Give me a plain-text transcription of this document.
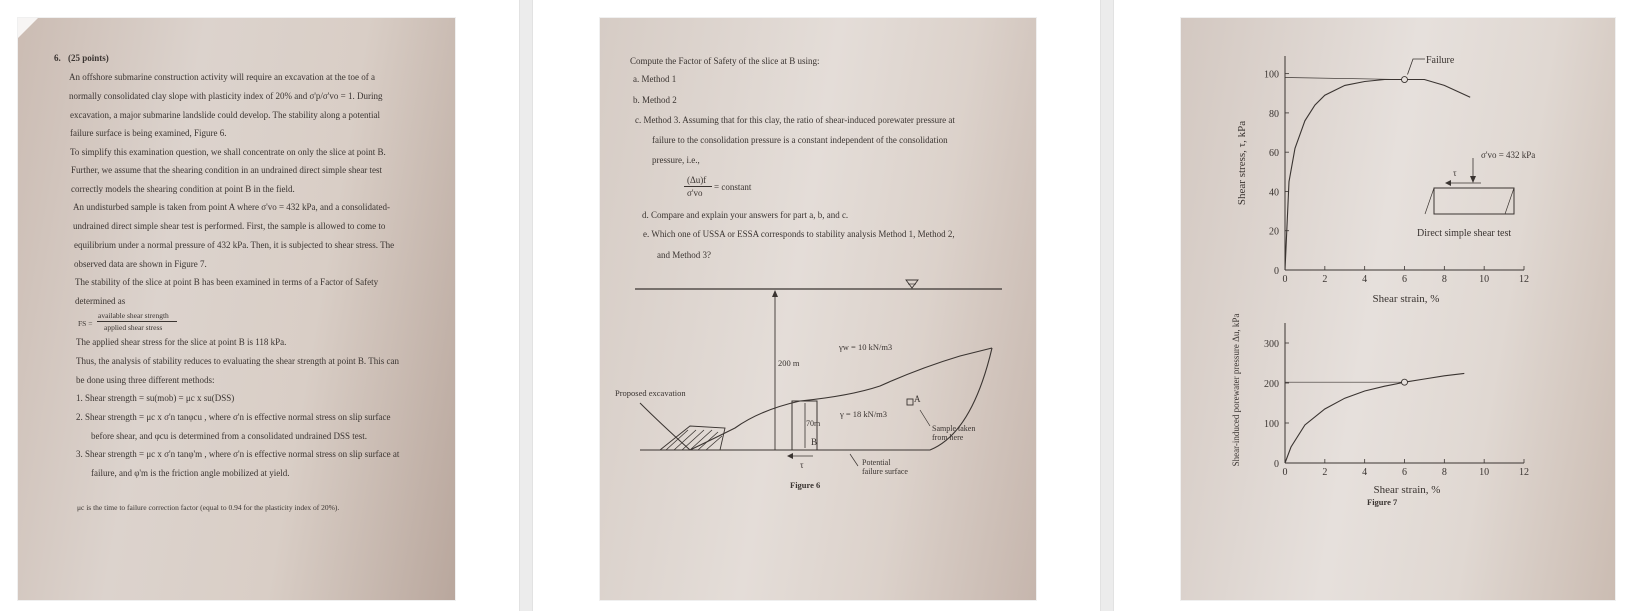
6. (25 points)
An offshore submarine construction activity will require an excavation at the toe of a
normally consolidated clay slope with plasticity index of 20% and σ'p/σ'vo = 1. During
excavation, a major submarine landslide could develop. The stability along a potential
failure surface is being examined, Figure 6.
To simplify this examination question, we shall concentrate on only the slice at point B.
Further, we assume that the shearing condition in an undrained direct simple shear test
correctly models the shearing condition at point B in the field.
An undisturbed sample is taken from point A where σ'vo = 432 kPa, and a consolidated-
undrained direct simple shear test is performed. First, the sample is allowed to come to
equilibrium under a normal pressure of 432 kPa. Then, it is subjected to shear stress. The
observed data are shown in Figure 7.
The stability of the slice at point B has been examined in terms of a Factor of Safety
determined as
FS =
available shear strength
applied shear stress
The applied shear stress for the slice at point B is 118 kPa.
Thus, the analysis of stability reduces to evaluating the shear strength at point B. This can
be done using three different methods:
1. Shear strength = su(mob) = μc x su(DSS)
2. Shear strength = μc x σ'n tanφcu , where σ'n is effective normal stress on slip surface
before shear, and φcu is determined from a consolidated undrained DSS test.
3. Shear strength = μc x σ'n tanφ'm , where σ'n is effective normal stress on slip surface at
failure, and φ'm is the friction angle mobilized at yield.
μc is the time to failure correction factor (equal to 0.94 for the plasticity index of 20%).
Compute the Factor of Safety of the slice at B using:
a. Method 1
b. Method 2
c. Method 3. Assuming that for this clay, the ratio of shear-induced porewater pressure at
failure to the consolidation pressure is a constant independent of the consolidation
pressure, i.e.,
(Δu)f
σ'vo
= constant
d. Compare and explain your answers for part a, b, and c.
e. Which one of USSA or ESSA corresponds to stability analysis Method 1, Method 2,
and Method 3?
200 m
Proposed excavation
70m
B
τ
γw = 10 kN/m3
γ = 18 kN/m3
A
Sample taken
from here
Potential
failure surface
Figure 6
Shear stress, τ, kPa
Shear strain, %
0	2	4	6	8	10	12
0
20
40
60
80
100
Failure
τ
σ'vo = 432 kPa
Direct simple shear test
Shear-induced porewater pressure Δu, kPa
Shear strain, %
0	2	4	6	8	10	12
0
100
200
300
Figure 7
